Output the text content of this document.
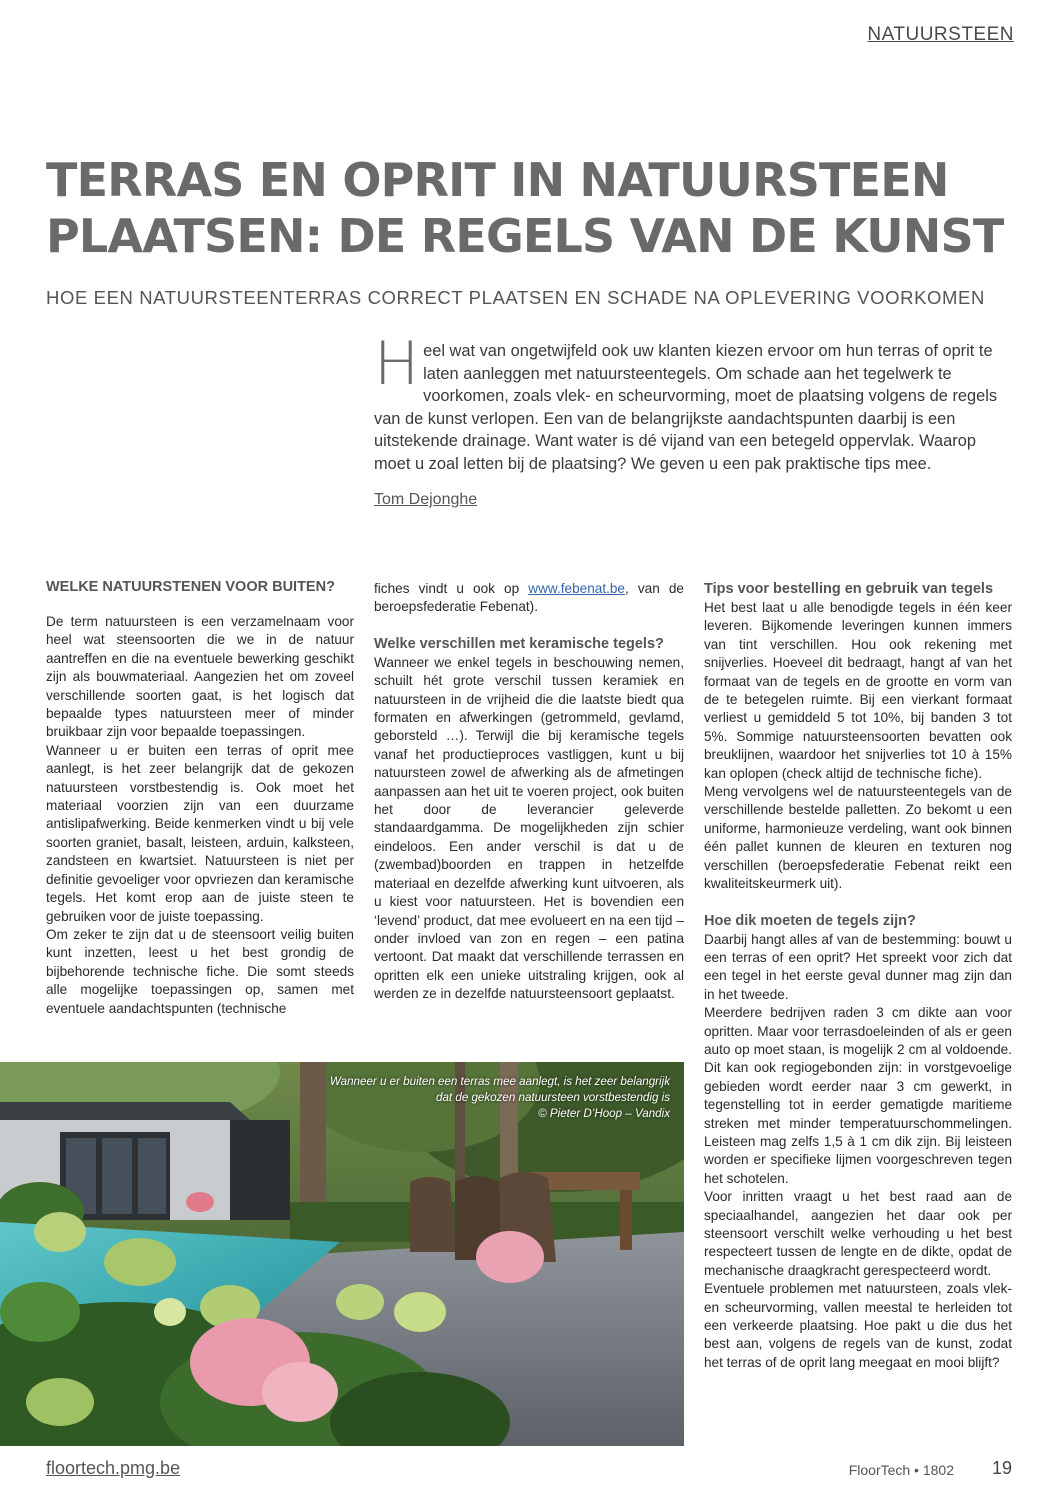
NATUURSTEEN
TERRAS EN OPRIT IN NATUURSTEEN
PLAATSEN: DE REGELS VAN DE KUNST

HOE EEN NATUURSTEENTERRAS CORRECT PLAATSEN EN SCHADE NA OPLEVERING VOORKOMEN

Heel wat van ongetwijfeld ook uw klanten kiezen ervoor om hun terras of oprit te laten aanleggen met natuursteentegels. Om schade aan het tegelwerk te voorkomen, zoals vlek- en scheurvorming, moet de plaatsing volgens de regels van de kunst verlopen. Een van de belangrijkste aandachtspunten daarbij is een uitstekende drainage. Want water is dé vijand van een betegeld oppervlak. Waarop moet u zoal letten bij de plaatsing? We geven u een pak praktische tips mee.

Tom Dejonghe
WELKE NATUURSTENEN VOOR BUITEN?

De term natuursteen is een verzamelnaam voor heel wat steensoorten die we in de natuur aantreffen en die na eventuele bewerking geschikt zijn als bouwmateriaal. Aangezien het om zoveel verschillende soorten gaat, is het logisch dat bepaalde types natuursteen meer of minder bruikbaar zijn voor bepaalde toepassingen.

Wanneer u er buiten een terras of oprit mee aanlegt, is het zeer belangrijk dat de gekozen natuursteen vorstbestendig is. Ook moet het materiaal voorzien zijn van een duurzame antislipafwerking. Beide kenmerken vindt u bij vele soorten graniet, basalt, leisteen, arduin, kalksteen, zandsteen en kwartsiet. Natuursteen is niet per definitie gevoeliger voor opvriezen dan keramische tegels. Het komt erop aan de juiste steen te gebruiken voor de juiste toepassing.

Om zeker te zijn dat u de steensoort veilig buiten kunt inzetten, leest u het best grondig de bijbehorende technische fiche. Die somt steeds alle mogelijke toepassingen op, samen met eventuele aandachtspunten (technische

fiches vindt u ook op www.febenat.be, van de beroepsfederatie Febenat).

Welke verschillen met keramische tegels?

Wanneer we enkel tegels in beschouwing nemen, schuilt hét grote verschil tussen keramiek en natuursteen in de vrijheid die die laatste biedt qua formaten en afwerkingen (getrommeld, gevlamd, geborsteld …). Terwijl die bij keramische tegels vanaf het productieproces vastliggen, kunt u bij natuursteen zowel de afwerking als de afmetingen aanpassen aan het uit te voeren project, ook buiten het door de leverancier geleverde standaardgamma. De mogelijkheden zijn schier eindeloos. Een ander verschil is dat u de (zwembad)boorden en trappen in hetzelfde materiaal en dezelfde afwerking kunt uitvoeren, als u kiest voor natuursteen. Het is bovendien een ‘levend’ product, dat mee evolueert en na een tijd – onder invloed van zon en regen – een patina vertoont. Dat maakt dat verschillende terrassen en opritten elk een unieke uitstraling krijgen, ook al werden ze in dezelfde natuursteensoort geplaatst.

Tips voor bestelling en gebruik van tegels

Het best laat u alle benodigde tegels in één keer leveren. Bijkomende leveringen kunnen immers van tint verschillen. Hou ook rekening met snijverlies. Hoeveel dit bedraagt, hangt af van het formaat van de tegels en de grootte en vorm van de te betegelen ruimte. Bij een vierkant formaat verliest u gemiddeld 5 tot 10%, bij banden 3 tot 5%. Sommige natuursteensoorten bevatten ook breuklijnen, waardoor het snijverlies tot 10 à 15% kan oplopen (check altijd de technische fiche).

Meng vervolgens wel de natuursteentegels van de verschillende bestelde palletten. Zo bekomt u een uniforme, harmonieuze verdeling, want ook binnen één pallet kunnen de kleuren en texturen nog verschillen (beroepsfederatie Febenat reikt een kwaliteitskeurmerk uit).

Hoe dik moeten de tegels zijn?

Daarbij hangt alles af van de bestemming: bouwt u een terras of een oprit? Het spreekt voor zich dat een tegel in het eerste geval dunner mag zijn dan in het tweede.

Meerdere bedrijven raden 3 cm dikte aan voor opritten. Maar voor terrasdoeleinden of als er geen auto op moet staan, is mogelijk 2 cm al voldoende. Dit kan ook regiogebonden zijn: in vorstgevoelige gebieden wordt eerder naar 3 cm gewerkt, in tegenstelling tot in eerder gematigde maritieme streken met minder temperatuurschommelingen. Leisteen mag zelfs 1,5 à 1 cm dik zijn. Bij leisteen worden er specifieke lijmen voorgeschreven tegen het schotelen.

Voor inritten vraagt u het best raad aan de speciaalhandel, aangezien het daar ook per steensoort verschilt welke verhouding u het best respecteert tussen de lengte en de dikte, opdat de mechanische draagkracht gerespecteerd wordt.

Eventuele problemen met natuursteen, zoals vlek- en scheurvorming, vallen meestal te herleiden tot een verkeerde plaatsing. Hoe pakt u die dus het best aan, volgens de regels van de kunst, zodat het terras of de oprit lang meegaat en mooi blijft?

Wanneer u er buiten een terras mee aanlegt, is het zeer belangrijk
dat de gekozen natuursteen vorstbestendig is
© Pieter D’Hoop – Vandix
floortech.pmg.be	FloorTech • 1802 19
